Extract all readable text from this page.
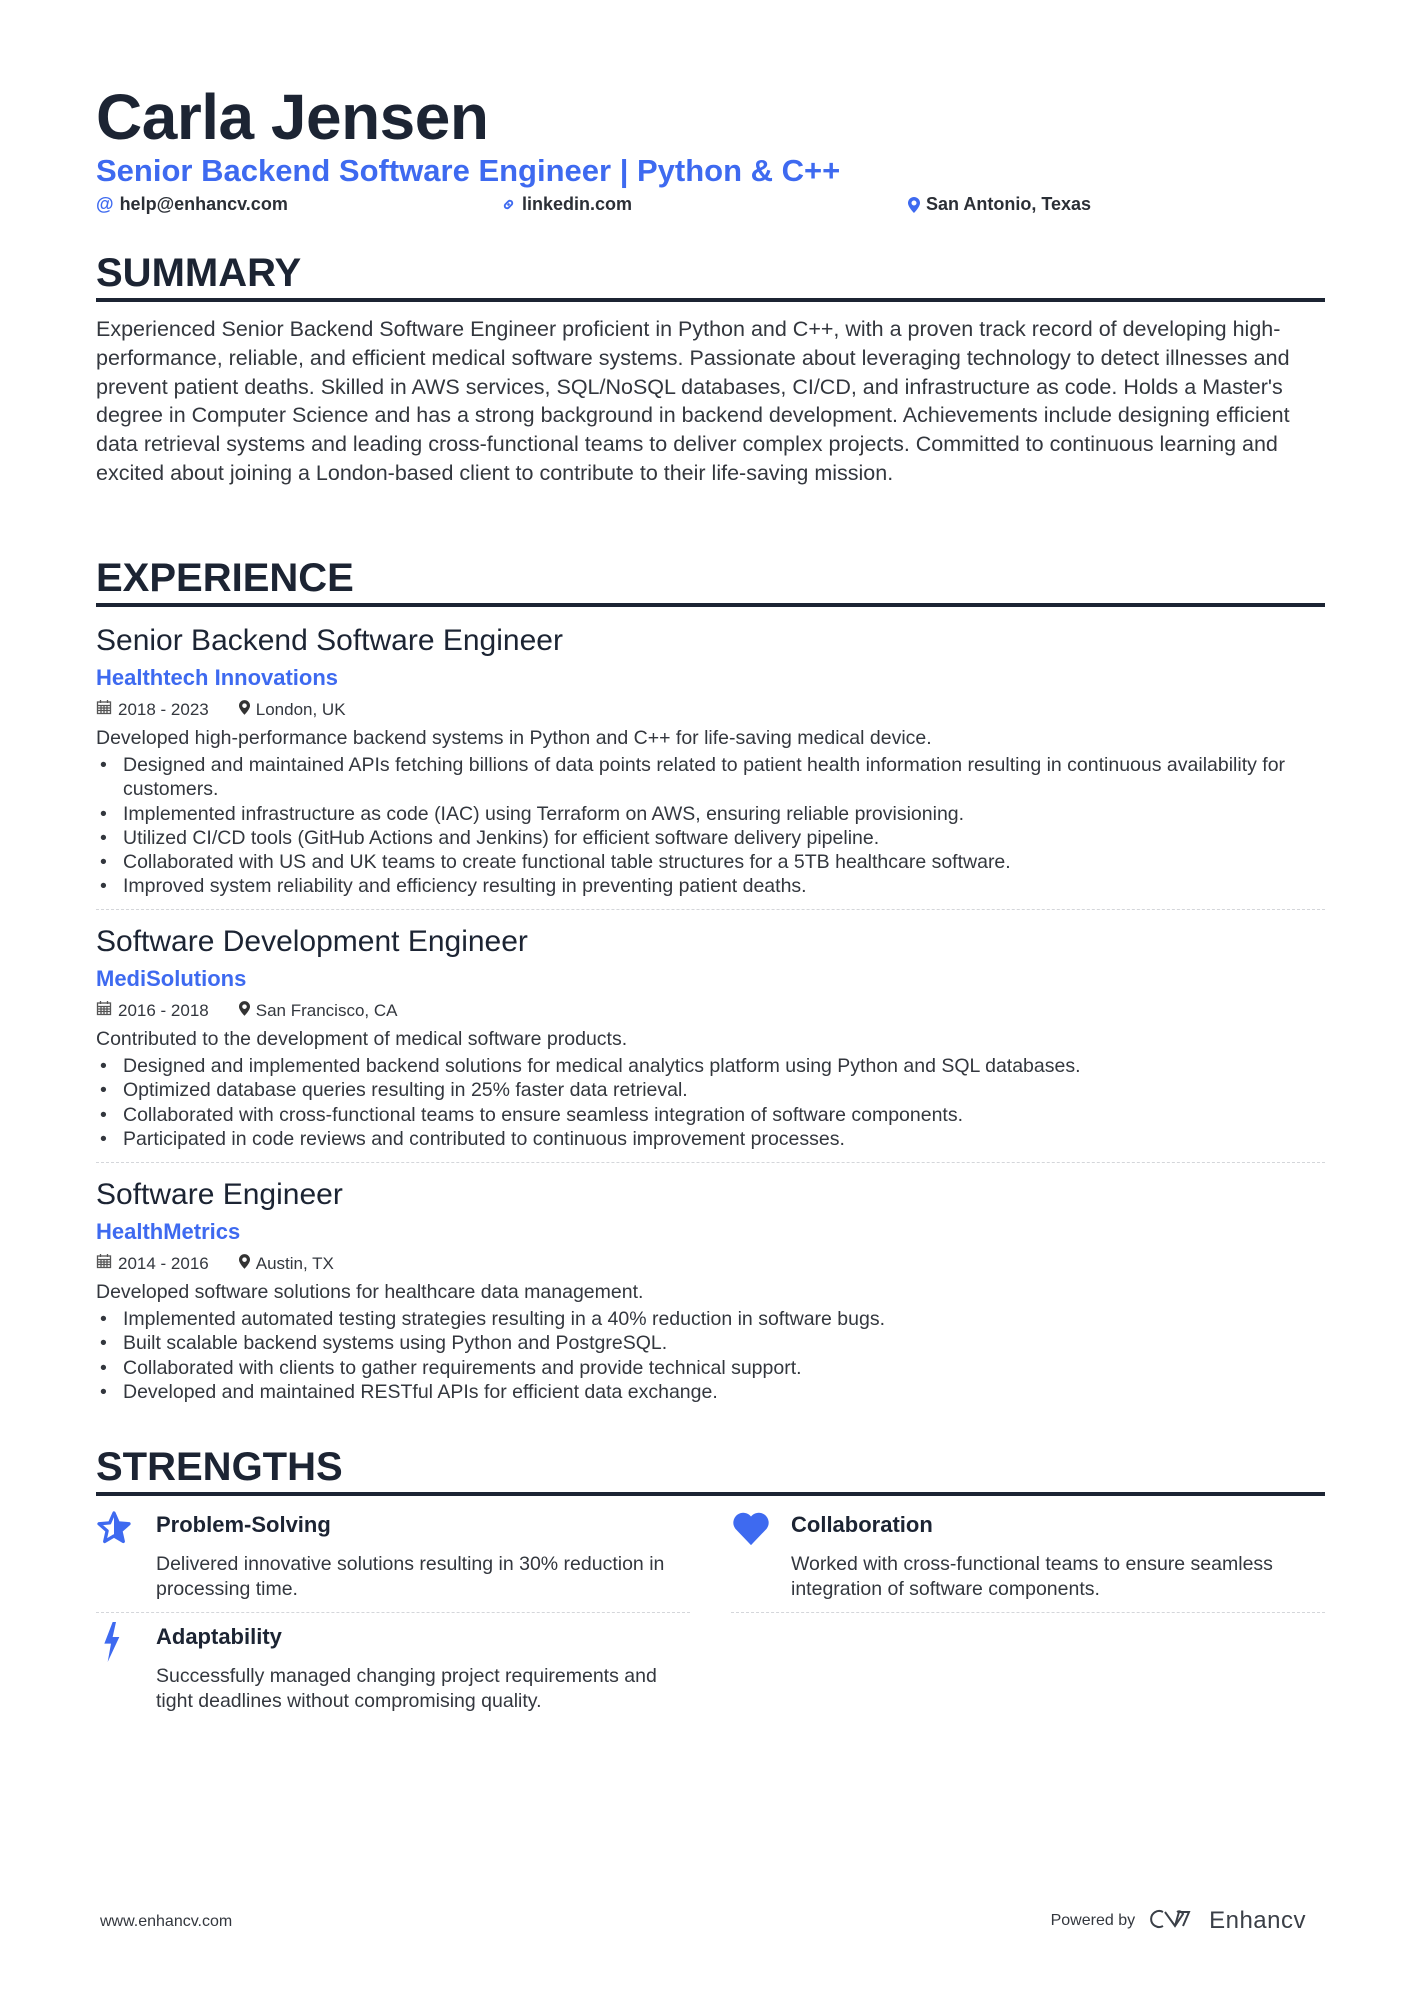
Carla Jensen
Senior Backend Software Engineer | Python & C++
@ help@enhancv.com	linkedin.com	San Antonio, Texas
SUMMARY
Experienced Senior Backend Software Engineer proficient in Python and C++, with a proven track record of developing high-performance, reliable, and efficient medical software systems. Passionate about leveraging technology to detect illnesses and prevent patient deaths. Skilled in AWS services, SQL/NoSQL databases, CI/CD, and infrastructure as code. Holds a Master's degree in Computer Science and has a strong background in backend development. Achievements include designing efficient data retrieval systems and leading cross-functional teams to deliver complex projects. Committed to continuous learning and excited about joining a London-based client to contribute to their life-saving mission.
EXPERIENCE
Senior Backend Software Engineer
Healthtech Innovations
2018 - 2023	London, UK
Developed high-performance backend systems in Python and C++ for life-saving medical device.
• Designed and maintained APIs fetching billions of data points related to patient health information resulting in continuous availability for customers.
• Implemented infrastructure as code (IAC) using Terraform on AWS, ensuring reliable provisioning.
• Utilized CI/CD tools (GitHub Actions and Jenkins) for efficient software delivery pipeline.
• Collaborated with US and UK teams to create functional table structures for a 5TB healthcare software.
• Improved system reliability and efficiency resulting in preventing patient deaths.
Software Development Engineer
MediSolutions
2016 - 2018	San Francisco, CA
Contributed to the development of medical software products.
• Designed and implemented backend solutions for medical analytics platform using Python and SQL databases.
• Optimized database queries resulting in 25% faster data retrieval.
• Collaborated with cross-functional teams to ensure seamless integration of software components.
• Participated in code reviews and contributed to continuous improvement processes.
Software Engineer
HealthMetrics
2014 - 2016	Austin, TX
Developed software solutions for healthcare data management.
• Implemented automated testing strategies resulting in a 40% reduction in software bugs.
• Built scalable backend systems using Python and PostgreSQL.
• Collaborated with clients to gather requirements and provide technical support.
• Developed and maintained RESTful APIs for efficient data exchange.
STRENGTHS
Problem-Solving
Delivered innovative solutions resulting in 30% reduction in processing time.
Collaboration
Worked with cross-functional teams to ensure seamless integration of software components.
Adaptability
Successfully managed changing project requirements and tight deadlines without compromising quality.
www.enhancv.com	Powered by	Enhancv
